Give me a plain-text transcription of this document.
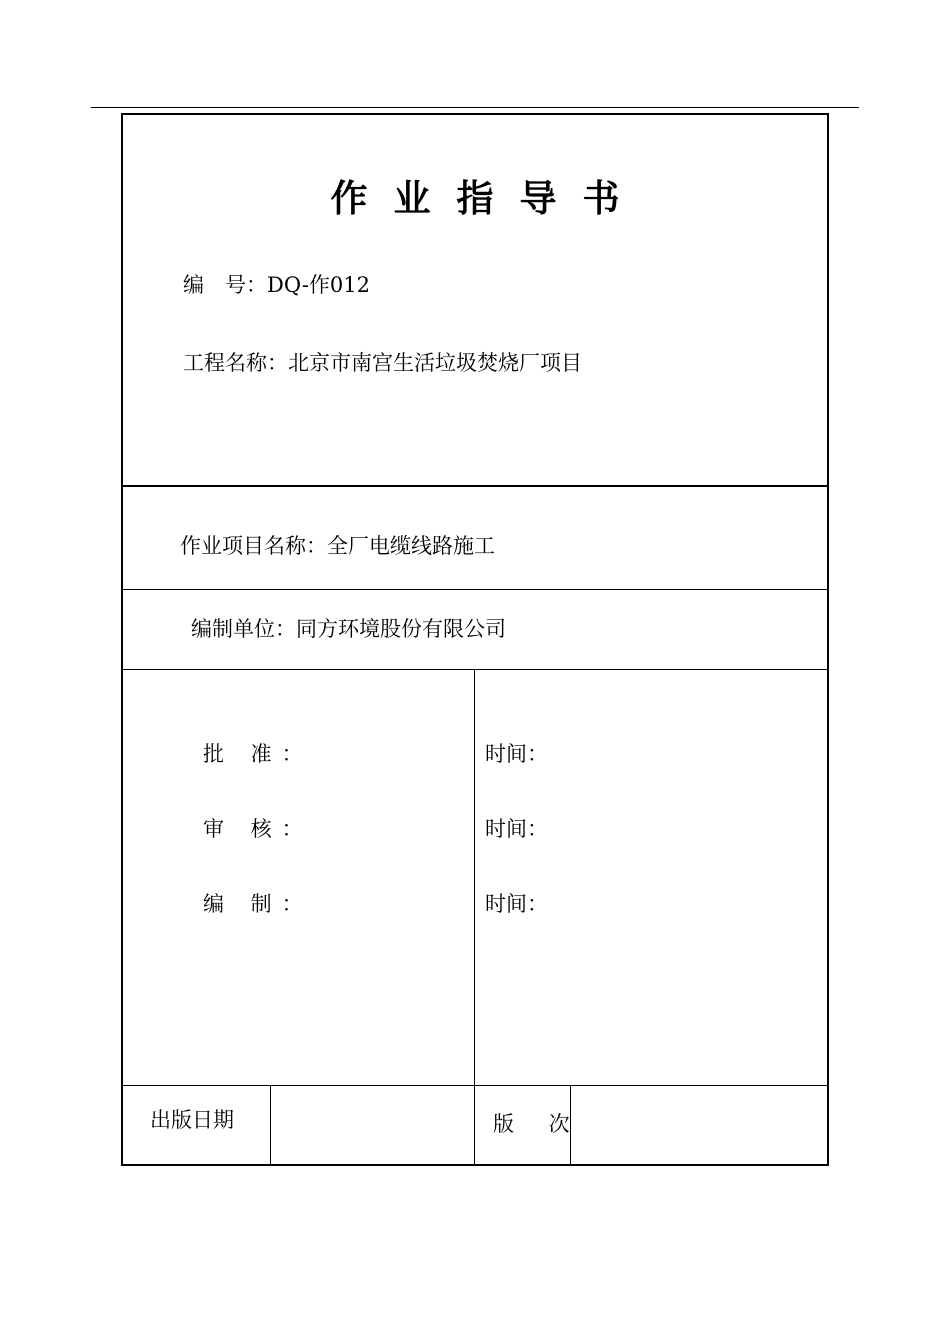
作业指导书
编　号：DQ-作012
工程名称：北京市南宫生活垃圾焚烧厂项目
作业项目名称：全厂电缆线路施工
编制单位：同方环境股份有限公司
批 准：
审 核：
编 制：
时间：
时间：
时间：
出版日期	版 次
